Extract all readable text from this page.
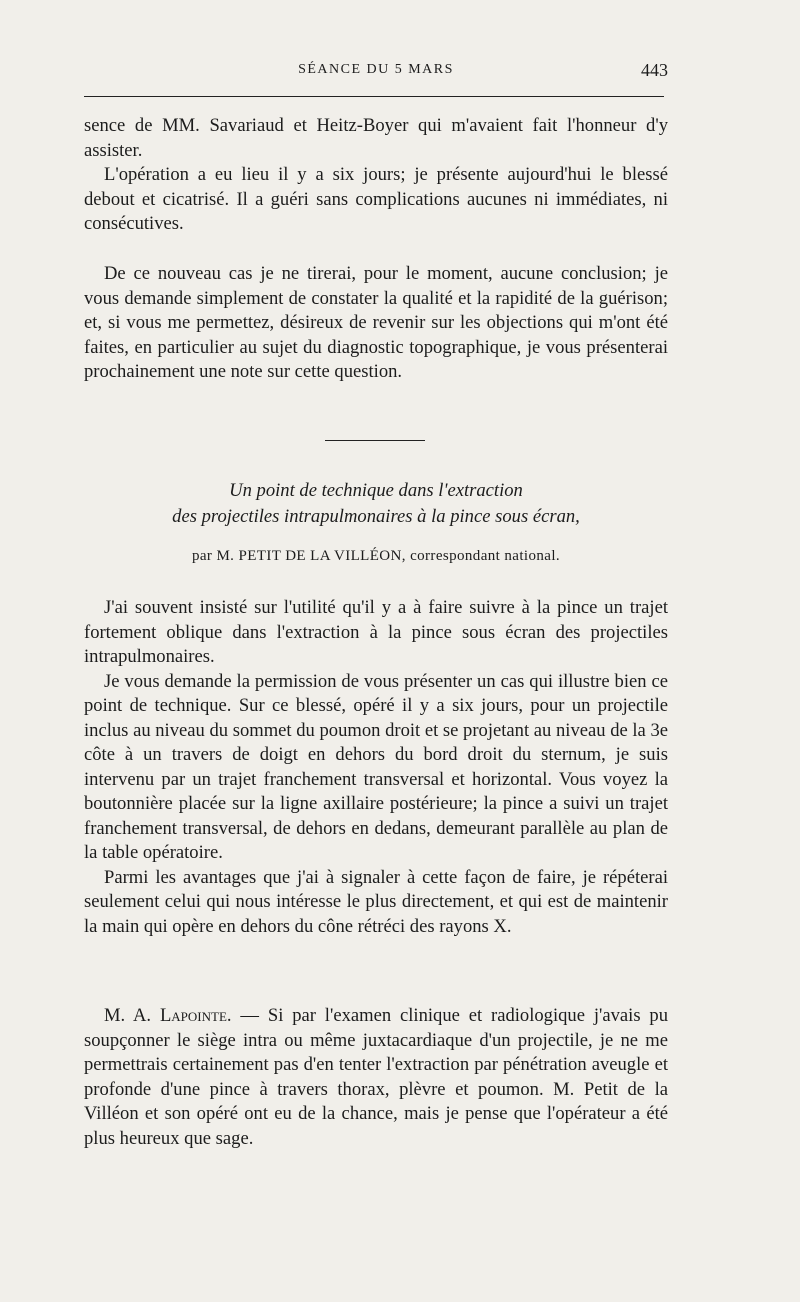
SÉANCE DU 5 MARS	443

sence de MM. Savariaud et Heitz-Boyer qui m'avaient fait l'honneur d'y assister.

L'opération a eu lieu il y a six jours; je présente aujourd'hui le blessé debout et cicatrisé. Il a guéri sans complications aucunes ni immédiates, ni consécutives.

De ce nouveau cas je ne tirerai, pour le moment, aucune conclusion; je vous demande simplement de constater la qualité et la rapidité de la guérison; et, si vous me permettez, désireux de revenir sur les objections qui m'ont été faites, en particulier au sujet du diagnostic topographique, je vous présenterai prochainement une note sur cette question.

Un point de technique dans l'extraction
des projectiles intrapulmonaires à la pince sous écran,
par M. PETIT DE LA VILLÉON, correspondant national.

J'ai souvent insisté sur l'utilité qu'il y a à faire suivre à la pince un trajet fortement oblique dans l'extraction à la pince sous écran des projectiles intrapulmonaires.

Je vous demande la permission de vous présenter un cas qui illustre bien ce point de technique. Sur ce blessé, opéré il y a six jours, pour un projectile inclus au niveau du sommet du poumon droit et se projetant au niveau de la 3e côte à un travers de doigt en dehors du bord droit du sternum, je suis intervenu par un trajet franchement transversal et horizontal. Vous voyez la boutonnière placée sur la ligne axillaire postérieure; la pince a suivi un trajet franchement transversal, de dehors en dedans, demeurant parallèle au plan de la table opératoire.

Parmi les avantages que j'ai à signaler à cette façon de faire, je répéterai seulement celui qui nous intéresse le plus directement, et qui est de maintenir la main qui opère en dehors du cône rétréci des rayons X.

M. A. Lapointe. — Si par l'examen clinique et radiologique j'avais pu soupçonner le siège intra ou même juxtacardiaque d'un projectile, je ne me permettrais certainement pas d'en tenter l'extraction par pénétration aveugle et profonde d'une pince à travers thorax, plèvre et poumon. M. Petit de la Villéon et son opéré ont eu de la chance, mais je pense que l'opérateur a été plus heureux que sage.
